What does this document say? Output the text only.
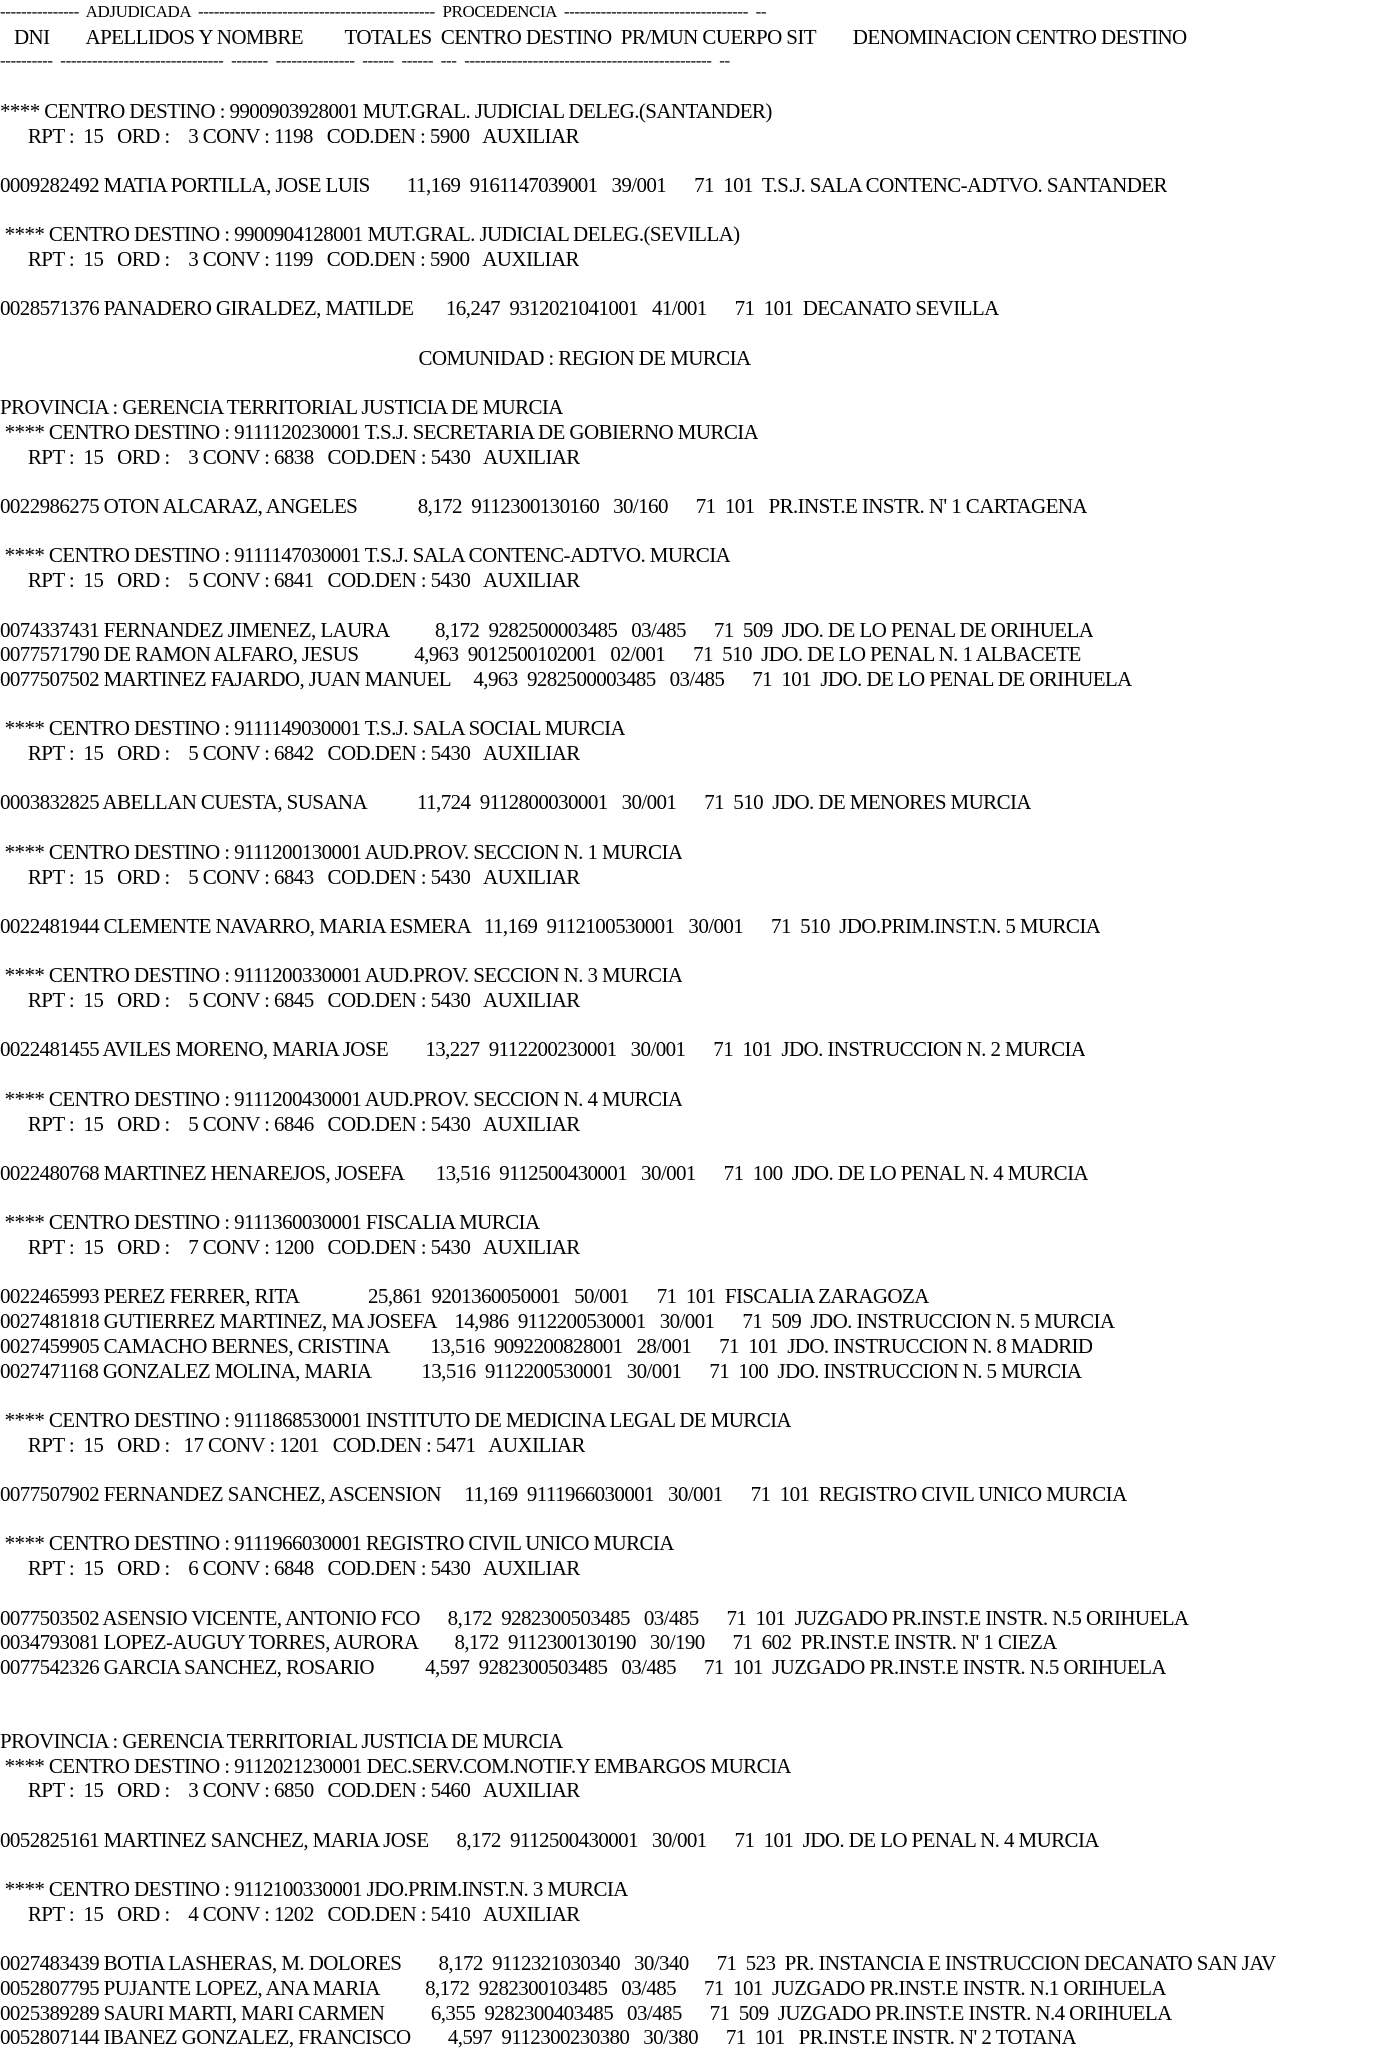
---------------  ADJUDICADA  ---------------------------------------------  PROCEDENCIA  -----------------------------------  --
DNI        APELLIDOS Y NOMBRE         TOTALES  CENTRO DESTINO  PR/MUN CUERPO SIT        DENOMINACION CENTRO DESTINO
----------  -------------------------------  -------  ---------------  ------  ------  ---  -----------------------------------------------  --
**** CENTRO DESTINO : 9900903928001 MUT.GRAL. JUDICIAL DELEG.(SANTANDER)
RPT :  15   ORD :    3 CONV : 1198   COD.DEN : 5900   AUXILIAR
0009282492 MATIA PORTILLA, JOSE LUIS        11,169  9161147039001   39/001      71  101  T.S.J. SALA CONTENC-ADTVO. SANTANDER
**** CENTRO DESTINO : 9900904128001 MUT.GRAL. JUDICIAL DELEG.(SEVILLA)
RPT :  15   ORD :    3 CONV : 1199   COD.DEN : 5900   AUXILIAR
0028571376 PANADERO GIRALDEZ, MATILDE       16,247  9312021041001   41/001      71  101  DECANATO SEVILLA
COMUNIDAD : REGION DE MURCIA
PROVINCIA : GERENCIA TERRITORIAL JUSTICIA DE MURCIA
**** CENTRO DESTINO : 9111120230001 T.S.J. SECRETARIA DE GOBIERNO MURCIA
RPT :  15   ORD :    3 CONV : 6838   COD.DEN : 5430   AUXILIAR
0022986275 OTON ALCARAZ, ANGELES             8,172  9112300130160   30/160      71  101   PR.INST.E INSTR. N' 1 CARTAGENA
**** CENTRO DESTINO : 9111147030001 T.S.J. SALA CONTENC-ADTVO. MURCIA
RPT :  15   ORD :    5 CONV : 6841   COD.DEN : 5430   AUXILIAR
0074337431 FERNANDEZ JIMENEZ, LAURA          8,172  9282500003485   03/485      71  509  JDO. DE LO PENAL DE ORIHUELA
0077571790 DE RAMON ALFARO, JESUS            4,963  9012500102001   02/001      71  510  JDO. DE LO PENAL N. 1 ALBACETE
0077507502 MARTINEZ FAJARDO, JUAN MANUEL     4,963  9282500003485   03/485      71  101  JDO. DE LO PENAL DE ORIHUELA
**** CENTRO DESTINO : 9111149030001 T.S.J. SALA SOCIAL MURCIA
RPT :  15   ORD :    5 CONV : 6842   COD.DEN : 5430   AUXILIAR
0003832825 ABELLAN CUESTA, SUSANA           11,724  9112800030001   30/001      71  510  JDO. DE MENORES MURCIA
**** CENTRO DESTINO : 9111200130001 AUD.PROV. SECCION N. 1 MURCIA
RPT :  15   ORD :    5 CONV : 6843   COD.DEN : 5430   AUXILIAR
0022481944 CLEMENTE NAVARRO, MARIA ESMERA   11,169  9112100530001   30/001      71  510  JDO.PRIM.INST.N. 5 MURCIA
**** CENTRO DESTINO : 9111200330001 AUD.PROV. SECCION N. 3 MURCIA
RPT :  15   ORD :    5 CONV : 6845   COD.DEN : 5430   AUXILIAR
0022481455 AVILES MORENO, MARIA JOSE        13,227  9112200230001   30/001      71  101  JDO. INSTRUCCION N. 2 MURCIA
**** CENTRO DESTINO : 9111200430001 AUD.PROV. SECCION N. 4 MURCIA
RPT :  15   ORD :    5 CONV : 6846   COD.DEN : 5430   AUXILIAR
0022480768 MARTINEZ HENAREJOS, JOSEFA       13,516  9112500430001   30/001      71  100  JDO. DE LO PENAL N. 4 MURCIA
**** CENTRO DESTINO : 9111360030001 FISCALIA MURCIA
RPT :  15   ORD :    7 CONV : 1200   COD.DEN : 5430   AUXILIAR
0022465993 PEREZ FERRER, RITA               25,861  9201360050001   50/001      71  101  FISCALIA ZARAGOZA
0027481818 GUTIERREZ MARTINEZ, MA JOSEFA    14,986  9112200530001   30/001      71  509  JDO. INSTRUCCION N. 5 MURCIA
0027459905 CAMACHO BERNES, CRISTINA         13,516  9092200828001   28/001      71  101  JDO. INSTRUCCION N. 8 MADRID
0027471168 GONZALEZ MOLINA, MARIA           13,516  9112200530001   30/001      71  100  JDO. INSTRUCCION N. 5 MURCIA
**** CENTRO DESTINO : 9111868530001 INSTITUTO DE MEDICINA LEGAL DE MURCIA
RPT :  15   ORD :   17 CONV : 1201   COD.DEN : 5471   AUXILIAR
0077507902 FERNANDEZ SANCHEZ, ASCENSION     11,169  9111966030001   30/001      71  101  REGISTRO CIVIL UNICO MURCIA
**** CENTRO DESTINO : 9111966030001 REGISTRO CIVIL UNICO MURCIA
RPT :  15   ORD :    6 CONV : 6848   COD.DEN : 5430   AUXILIAR
0077503502 ASENSIO VICENTE, ANTONIO FCO      8,172  9282300503485   03/485      71  101  JUZGADO PR.INST.E INSTR. N.5 ORIHUELA
0034793081 LOPEZ-AUGUY TORRES, AURORA        8,172  9112300130190   30/190      71  602  PR.INST.E INSTR. N' 1 CIEZA
0077542326 GARCIA SANCHEZ, ROSARIO           4,597  9282300503485   03/485      71  101  JUZGADO PR.INST.E INSTR. N.5 ORIHUELA
PROVINCIA : GERENCIA TERRITORIAL JUSTICIA DE MURCIA
**** CENTRO DESTINO : 9112021230001 DEC.SERV.COM.NOTIF.Y EMBARGOS MURCIA
RPT :  15   ORD :    3 CONV : 6850   COD.DEN : 5460   AUXILIAR
0052825161 MARTINEZ SANCHEZ, MARIA JOSE      8,172  9112500430001   30/001      71  101  JDO. DE LO PENAL N. 4 MURCIA
**** CENTRO DESTINO : 9112100330001 JDO.PRIM.INST.N. 3 MURCIA
RPT :  15   ORD :    4 CONV : 1202   COD.DEN : 5410   AUXILIAR
0027483439 BOTIA LASHERAS, M. DOLORES        8,172  9112321030340   30/340      71  523  PR. INSTANCIA E INSTRUCCION DECANATO SAN JAV
0052807795 PUJANTE LOPEZ, ANA MARIA          8,172  9282300103485   03/485      71  101  JUZGADO PR.INST.E INSTR. N.1 ORIHUELA
0025389289 SAURI MARTI, MARI CARMEN          6,355  9282300403485   03/485      71  509  JUZGADO PR.INST.E INSTR. N.4 ORIHUELA
0052807144 IBANEZ GONZALEZ, FRANCISCO        4,597  9112300230380   30/380      71  101   PR.INST.E INSTR. N' 2 TOTANA
